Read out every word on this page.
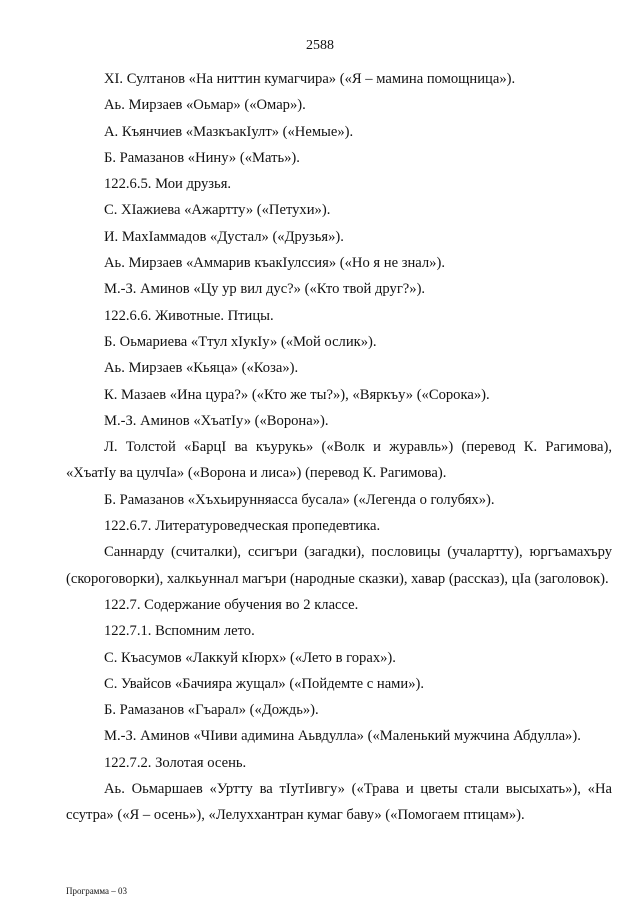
2588

XI. Султанов «На ниттин кумагчира» («Я – мамина помощница»).

Аь. Мирзаев «Оьмар» («Омар»).

А. Къянчиев «МазкъакIулт» («Немые»).

Б. Рамазанов «Нину» («Мать»).

122.6.5. Мои друзья.

С. ХIажиева «Ажартту» («Петухи»).

И. МахIаммадов «Дустал» («Друзья»).

Аь. Мирзаев «Аммарив къакIулссия» («Но я не знал»).

М.-З. Аминов «Цу ур вил дус?» («Кто твой друг?»).

122.6.6. Животные. Птицы.

Б. Оьмариева «Ттул хIукIу» («Мой ослик»).

Аь. Мирзаев «Кьяца» («Коза»).

К. Мазаев «Ина цура?» («Кто же ты?»), «Вяркъу» («Сорока»).

М.-З. Аминов «ХъатIу» («Ворона»).

Л. Толстой «БарцI ва къурукь» («Волк и журавль») (перевод К. Рагимова), «ХъатIу ва цулчIа» («Ворона и лиса») (перевод К. Рагимова).

Б. Рамазанов «Хъхьирунняасса бусала» («Легенда о голубях»).

122.6.7. Литературоведческая пропедевтика.

Саннарду (считалки), ссигъри (загадки), пословицы (учалартту), юргъамахъру (скороговорки), халкьуннал магъри (народные сказки), хавар (рассказ), цIа (заголовок).

122.7. Содержание обучения во 2 классе.

122.7.1. Вспомним лето.

С. Къасумов «Лаккуй кIюрх» («Лето в горах»).

С. Увайсов «Бачияра жущал» («Пойдемте с нами»).

Б. Рамазанов «Гъарал» («Дождь»).

М.-З. Аминов «ЧIиви адимина Аьвдулла» («Маленький мужчина Абдулла»).

122.7.2. Золотая осень.

Аь. Оьмаршаев «Уртту ва тIутIивгу» («Трава и цветы стали высыхать»), «На ссутра» («Я – осень»), «Лелуххантран кумаг баву» («Помогаем птицам»).

Программа – 03
